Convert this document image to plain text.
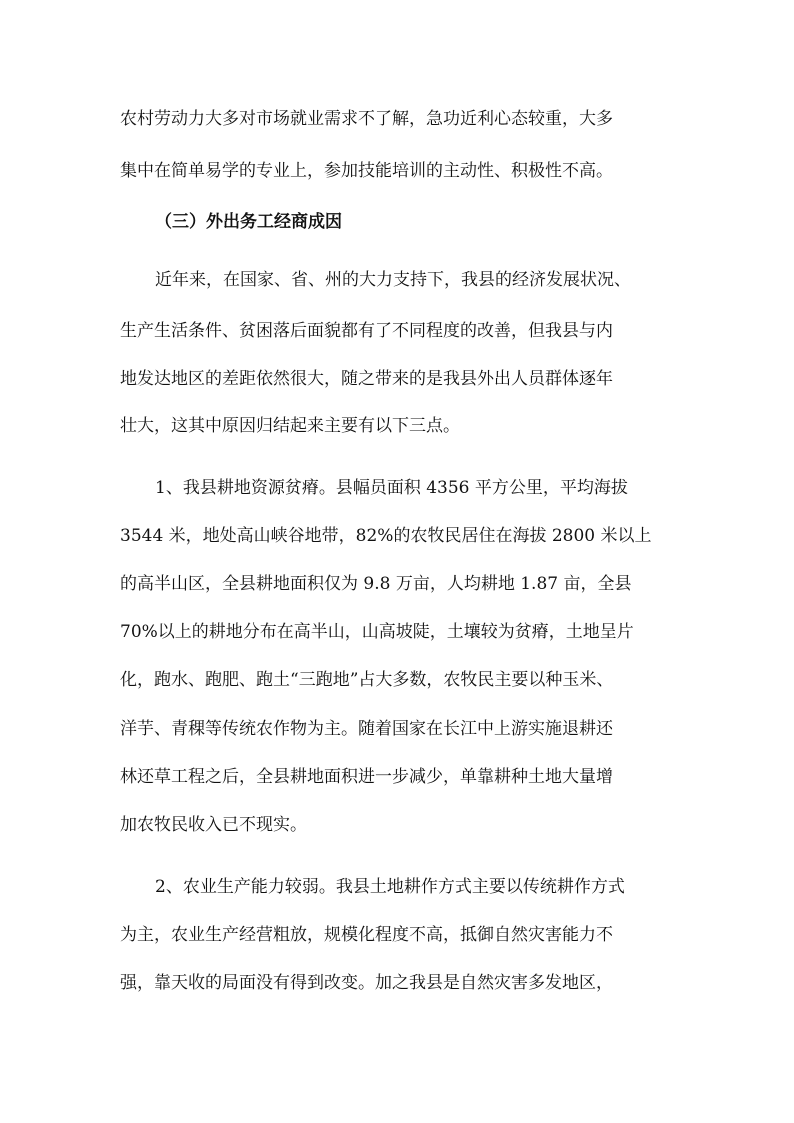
农村劳动力大多对市场就业需求不了解，急功近利心态较重，大多
集中在简单易学的专业上，参加技能培训的主动性、积极性不高。
（三）外出务工经商成因
近年来，在国家、省、州的大力支持下，我县的经济发展状况、
生产生活条件、贫困落后面貌都有了不同程度的改善，但我县与内
地发达地区的差距依然很大，随之带来的是我县外出人员群体逐年
壮大，这其中原因归结起来主要有以下三点。
1、我县耕地资源贫瘠。县幅员面积 4356 平方公里，平均海拔
3544 米，地处高山峡谷地带，82%的农牧民居住在海拔 2800 米以上
的高半山区，全县耕地面积仅为 9.8 万亩，人均耕地 1.87 亩，全县
70%以上的耕地分布在高半山，山高坡陡，土壤较为贫瘠，土地呈片
化，跑水、跑肥、跑土“三跑地”占大多数，农牧民主要以种玉米、
洋芋、青稞等传统农作物为主。随着国家在长江中上游实施退耕还
林还草工程之后，全县耕地面积进一步减少，单靠耕种土地大量增
加农牧民收入已不现实。
2、农业生产能力较弱。我县土地耕作方式主要以传统耕作方式
为主，农业生产经营粗放，规模化程度不高，抵御自然灾害能力不
强，靠天收的局面没有得到改变。加之我县是自然灾害多发地区，
